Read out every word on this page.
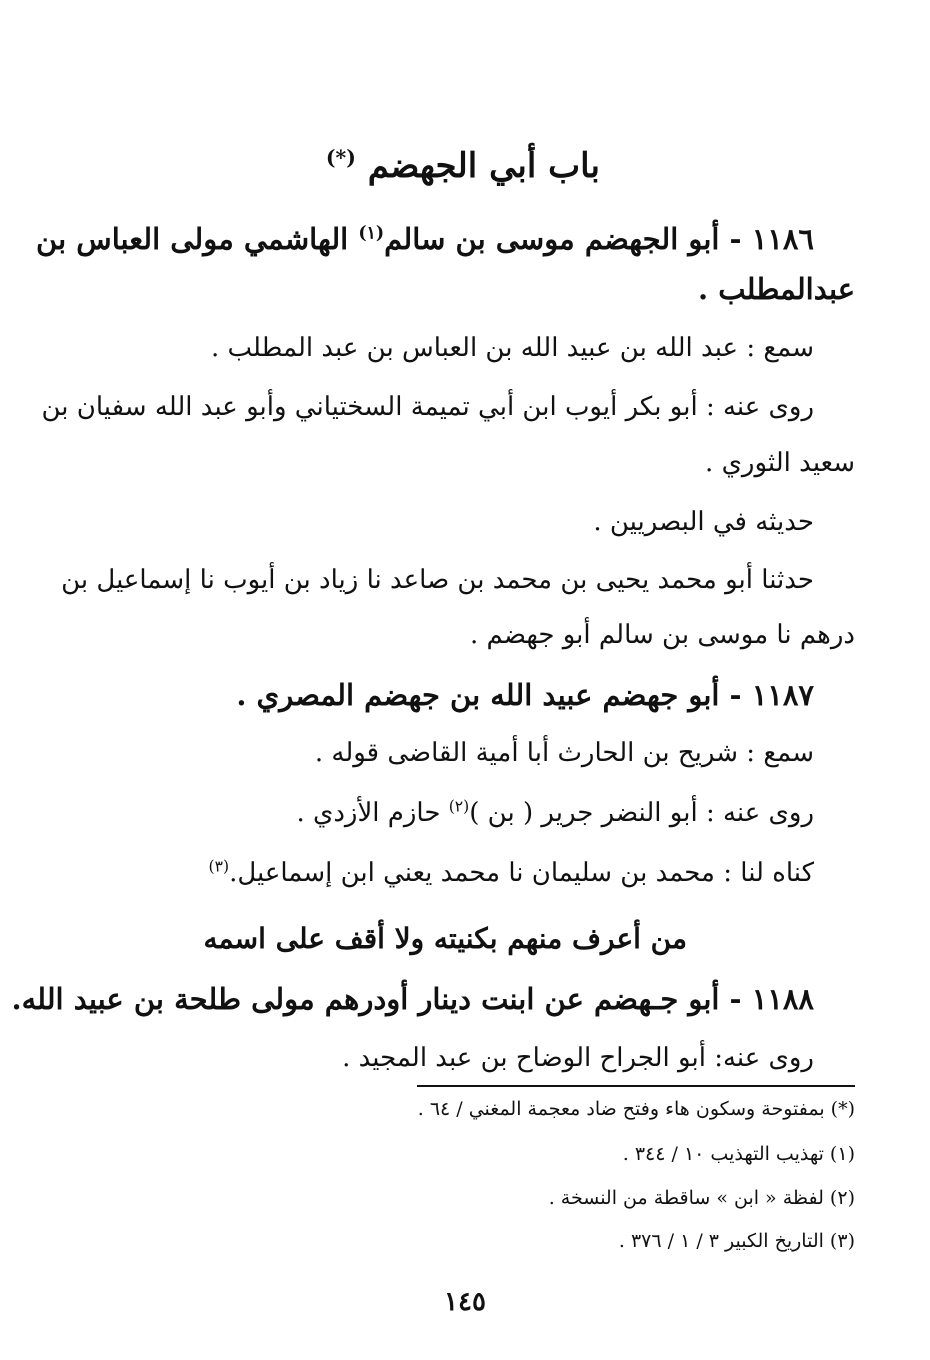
باب أبي الجهضم (*)
١١٨٦ - أبو الجهضم موسى بن سالم$^{(١)}$ الهاشمي مولى العباس بن
عبدالمطلب .
سمع : عبد الله بن عبيد الله بن العباس بن عبد المطلب .
روى عنه : أبو بكر أيوب ابن أبي تميمة السختياني وأبو عبد الله سفيان بن
سعيد الثوري .
حديثه في البصريين .
حدثنا أبو محمد يحيى بن محمد بن صاعد نا زياد بن أيوب نا إسماعيل بن
درهم نا موسى بن سالم أبو جهضم .
١١٨٧ - أبو جهضم عبيد الله بن جهضم المصري .
سمع : شريح بن الحارث أبا أمية القاضى قوله .
روى عنه : أبو النضر جرير ( بن )$^{(٢)}$ حازم الأزدي .
كناه لنا : محمد بن سليمان نا محمد يعني ابن إسماعيل.$^{(٣)}$
من أعرف منهم بكنيته ولا أقف على اسمه
١١٨٨ - أبو جـهضم عن ابنت دينار أودرهم مولى طلحة بن عبيد الله.
روى عنه: أبو الجراح الوضاح بن عبد المجيد .
(*) بمفتوحة وسكون هاء وفتح ضاد معجمة المغني / ٦٤ .
(١) تهذيب التهذيب ١٠ / ٣٤٤ .
(٢) لفظة « ابن » ساقطة من النسخة .
(٣) التاريخ الكبير ٣ / ١ / ٣٧٦ .
١٤٥
